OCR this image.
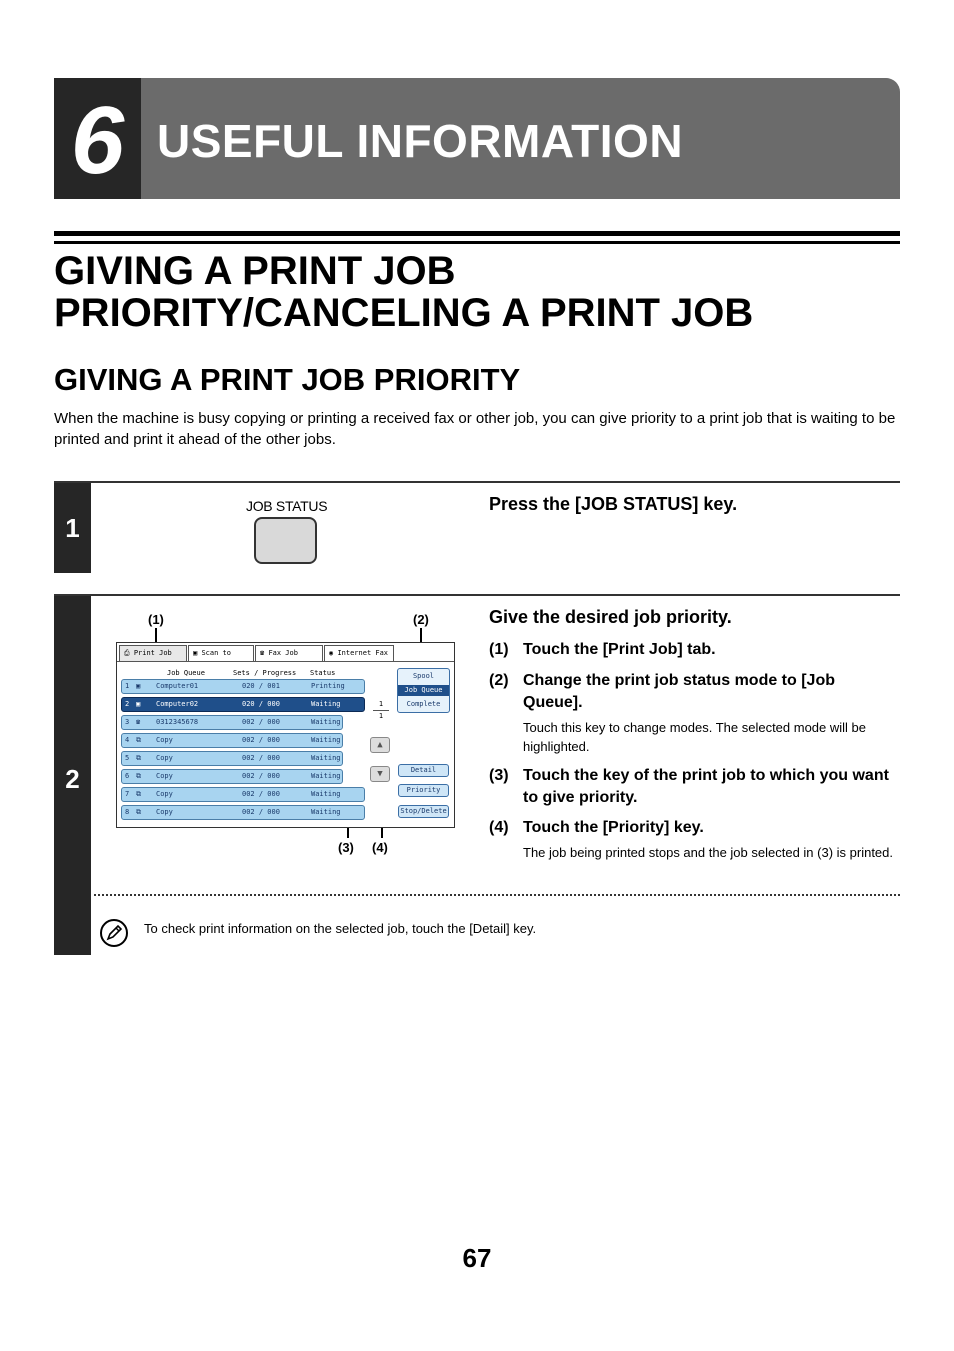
6 USEFUL INFORMATION
GIVING A PRINT JOB
PRIORITY/CANCELING A PRINT JOB
GIVING A PRINT JOB PRIORITY
When the machine is busy copying or printing a received fax or other job, you can give priority to a print job that is waiting to be printed and print it ahead of the other jobs.
1
JOB STATUS	Press the [JOB STATUS] key.
2
Give the desired job priority.
(1) Touch the [Print Job] tab.
(2) Change the print job status mode to [Job Queue].
Touch this key to change modes. The selected mode will be highlighted.
(3) Touch the key of the print job to which you want to give priority.
(4) Touch the [Priority] key.
The job being printed stops and the job selected in (3) is printed.
(1)	(2)
(3) (4)
⎙ Print Job	▣ Scan to	☎ Fax Job	◉ Internet Fax
Job Queue	Sets / Progress Status
1 ▣ Computer01	020 / 001	Printing
2 ▣ Computer02	020 / 000	Waiting
3 ☎ 0312345678	002 / 000	Waiting
4 ⧉ Copy	002 / 000	Waiting
5 ⧉ Copy	002 / 000	Waiting
6 ⧉ Copy	002 / 000	Waiting
7 ⧉ Copy	002 / 000	Waiting
8 ⧉ Copy	002 / 000	Waiting
1
1
▲
▼
Spool
Job Queue
Complete
Detail
Priority
Stop/Delete
To check print information on the selected job, touch the [Detail] key.
67
